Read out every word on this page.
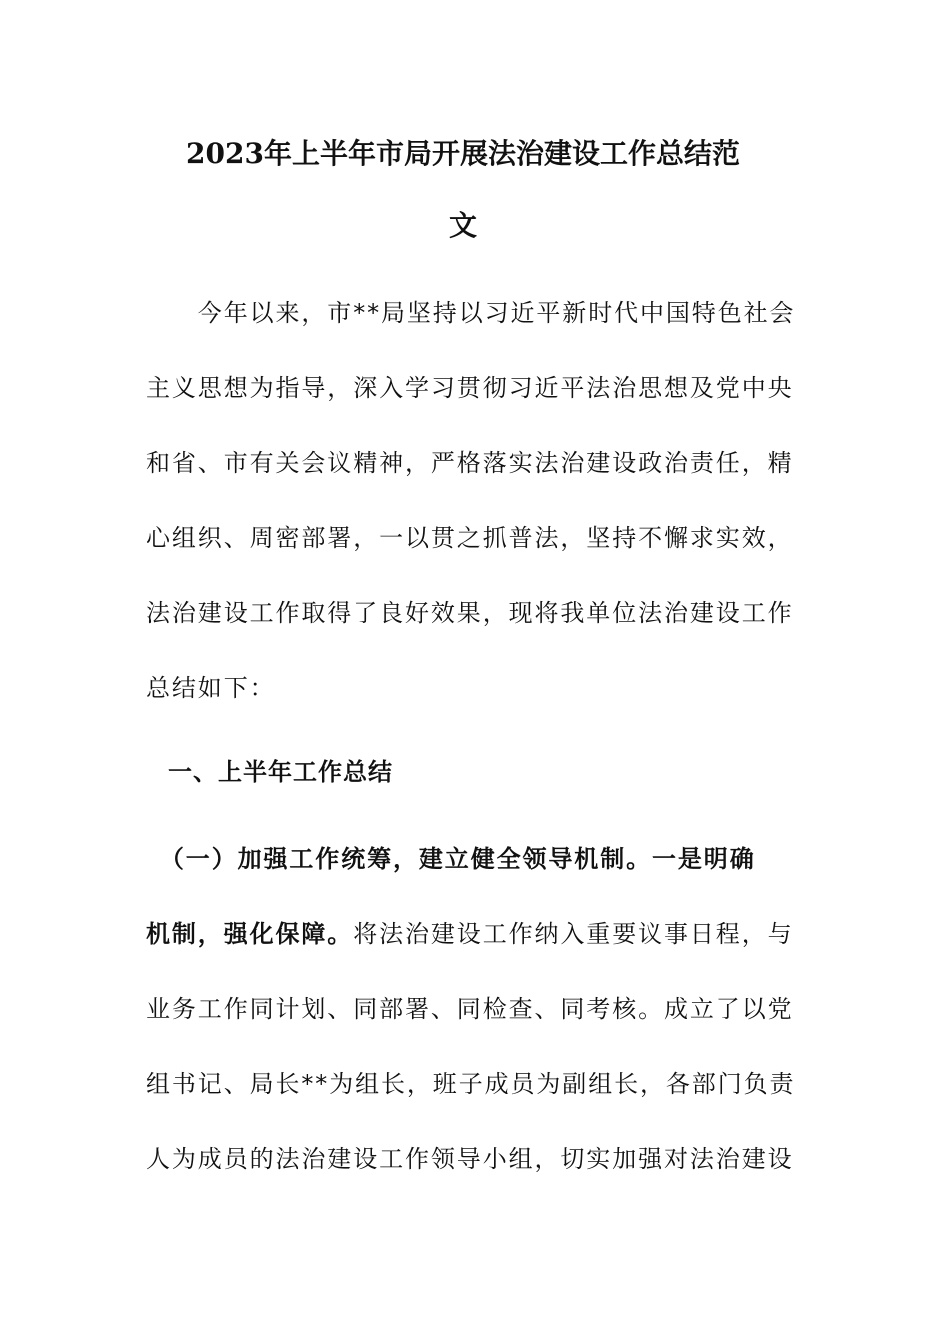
2023年上半年市局开展法治建设工作总结范
文

　　今年以来，市**局坚持以习近平新时代中国特色社会
主义思想为指导，深入学习贯彻习近平法治思想及党中央
和省、市有关会议精神，严格落实法治建设政治责任，精
心组织、周密部署，一以贯之抓普法，坚持不懈求实效，
法治建设工作取得了良好效果，现将我单位法治建设工作
总结如下：

一、上半年工作总结

　（一）加强工作统筹，建立健全领导机制。一是明确
机制，强化保障。将法治建设工作纳入重要议事日程，与
业务工作同计划、同部署、同检查、同考核。成立了以党
组书记、局长**为组长，班子成员为副组长，各部门负责
人为成员的法治建设工作领导小组，切实加强对法治建设
